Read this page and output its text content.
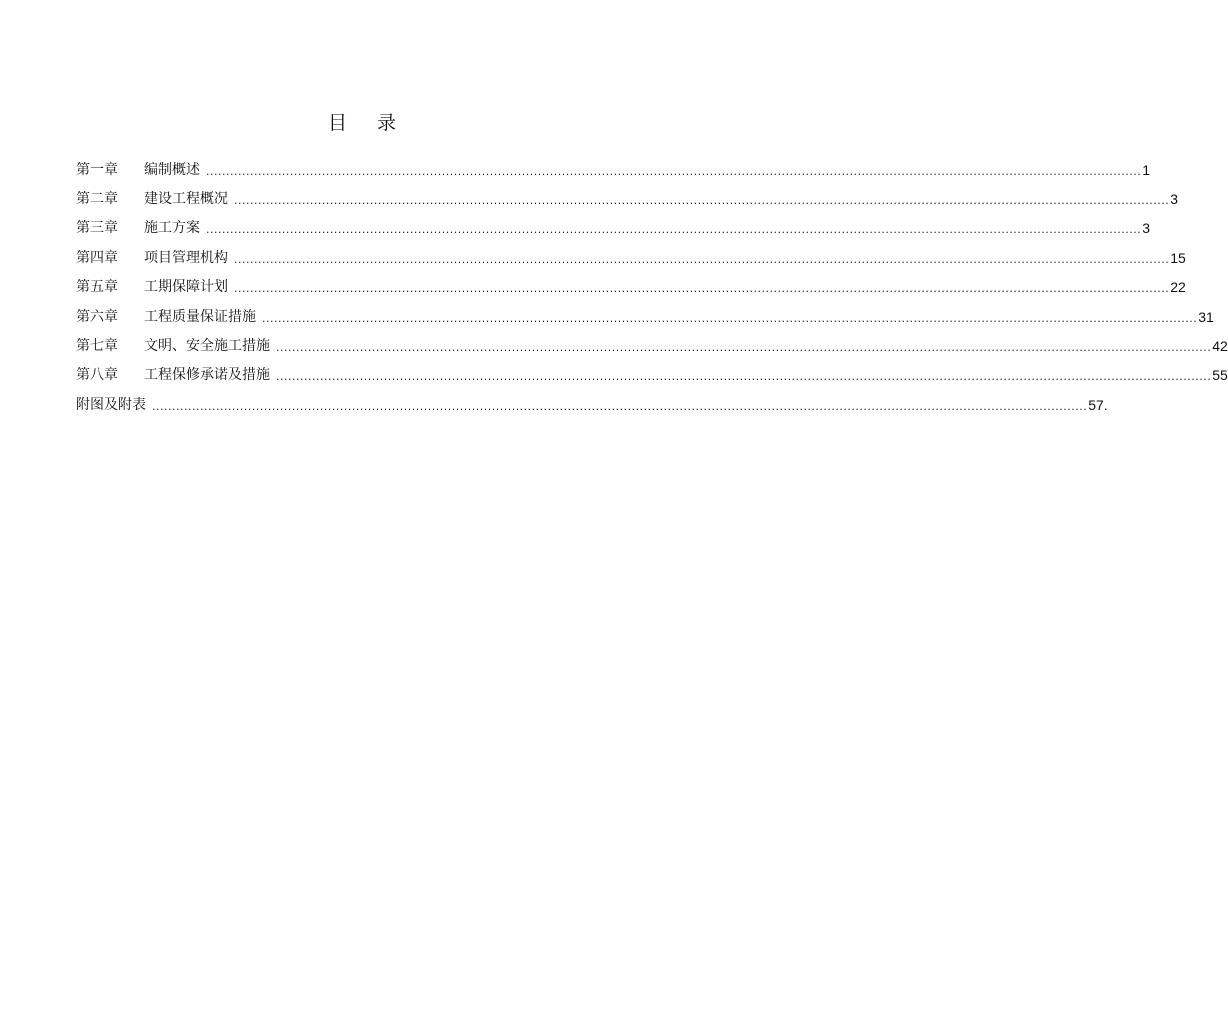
目 录
第一章	编制概述 .......................................................................................................................................................................................................................................... 1
第二章	建设工程概况 .......................................................................................................................................................................................................................................... 3
第三章	施工方案 .......................................................................................................................................................................................................................................... 3
第四章	项目管理机构 .......................................................................................................................................................................................................................................... 15
第五章	工期保障计划 .......................................................................................................................................................................................................................................... 22
第六章	工程质量保证措施 .......................................................................................................................................................................................................................................... 31
第七章	文明、安全施工措施 .......................................................................................................................................................................................................................................... 42
第八章	工程保修承诺及措施 .......................................................................................................................................................................................................................................... 55
附图及附表 .......................................................................................................................................................................................................................................... 57.
